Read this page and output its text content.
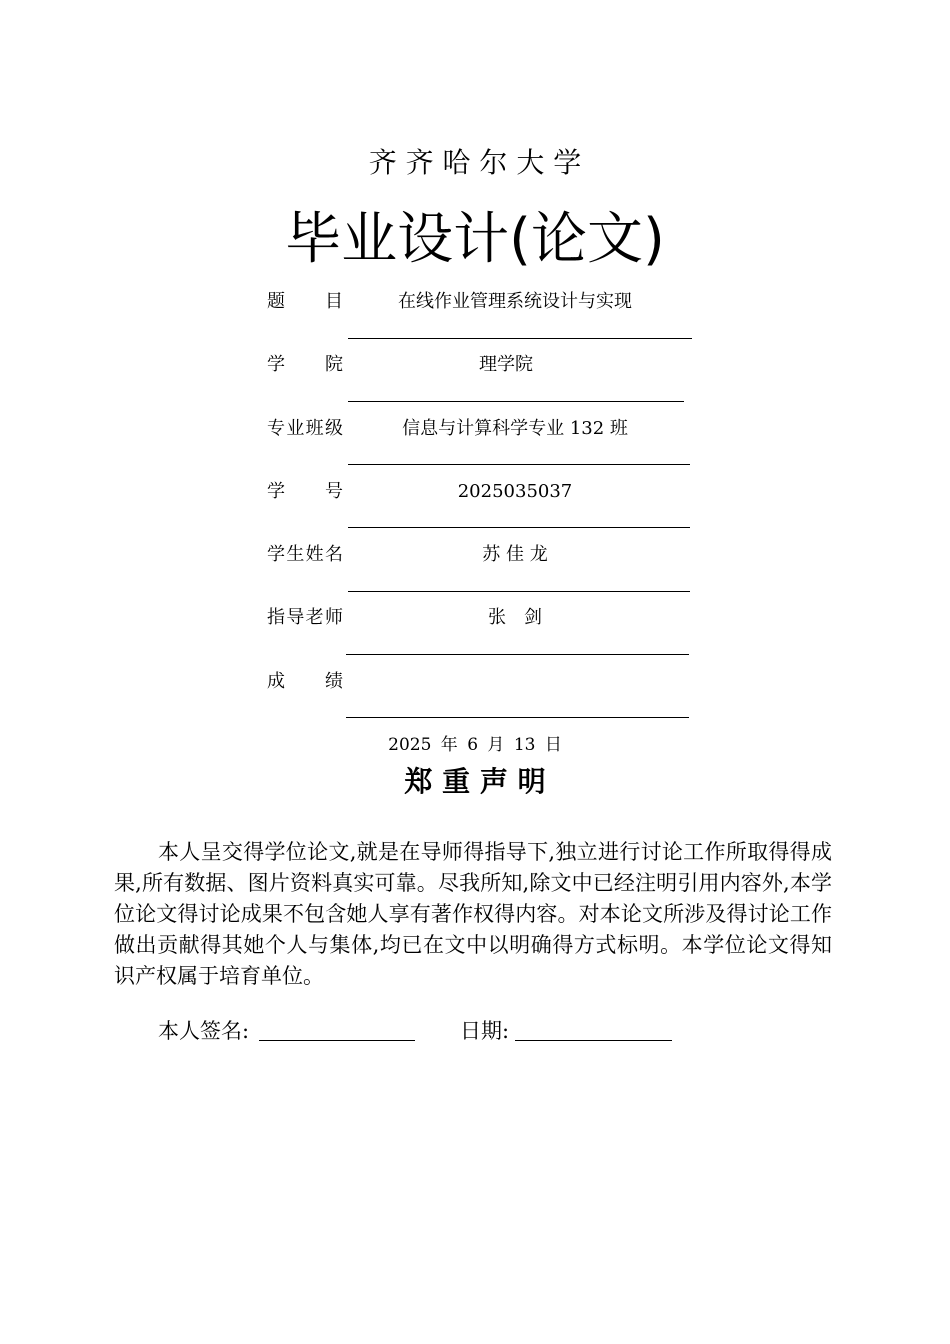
齐 齐 哈 尔 大 学
毕业设计(论文)
题　　目	在线作业管理系统设计与实现
学　　院	理学院
专业班级	信息与计算科学专业 132 班
学　　号	2025035037
学生姓名	苏 佳 龙
指导老师	张　剑
成　　绩
2025 年 6 月 13 日
郑 重 声 明

本人呈交得学位论文,就是在导师得指导下,独立进行讨论工作所取得得成果,所有数据、图片资料真实可靠。尽我所知,除文中已经注明引用内容外,本学位论文得讨论成果不包含她人享有著作权得内容。对本论文所涉及得讨论工作做出贡献得其她个人与集体,均已在文中以明确得方式标明。本学位论文得知识产权属于培育单位。

本人签名:	日期:
